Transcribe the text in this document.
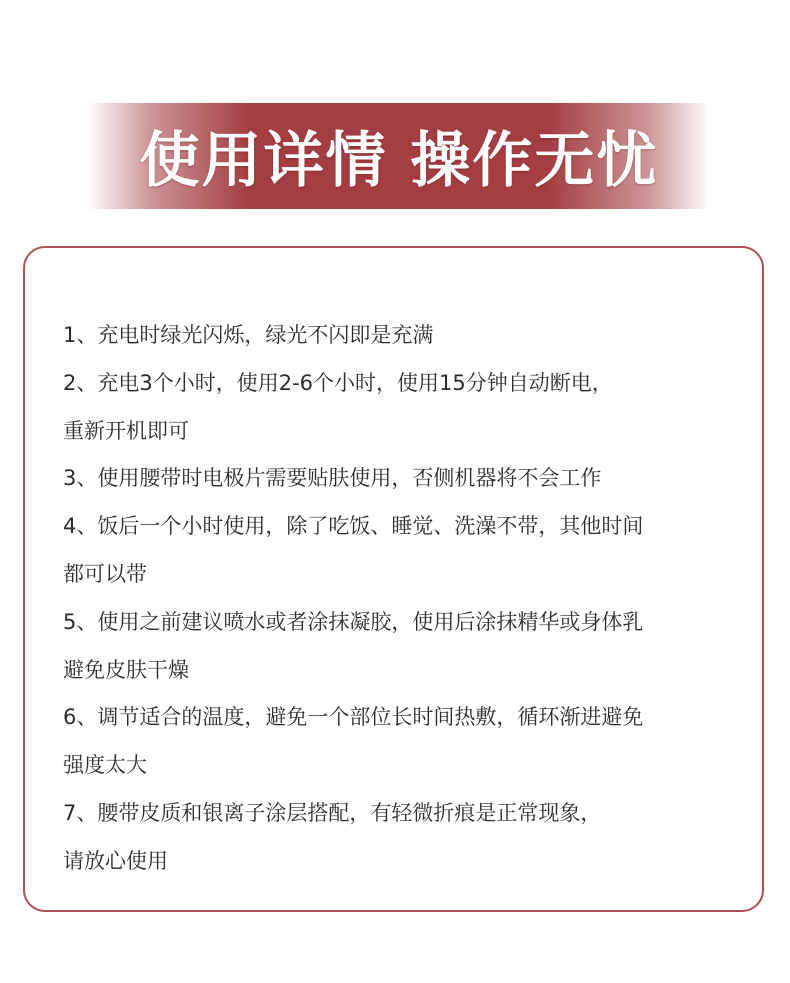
使用详情 操作无忧
1、充电时绿光闪烁，绿光不闪即是充满
2、充电3个小时，使用2-6个小时，使用15分钟自动断电，
重新开机即可
3、使用腰带时电极片需要贴肤使用，否侧机器将不会工作
4、饭后一个小时使用，除了吃饭、睡觉、洗澡不带，其他时间
都可以带
5、使用之前建议喷水或者涂抹凝胶，使用后涂抹精华或身体乳
避免皮肤干燥
6、调节适合的温度，避免一个部位长时间热敷，循环渐进避免
强度太大
7、腰带皮质和银离子涂层搭配，有轻微折痕是正常现象，
请放心使用
